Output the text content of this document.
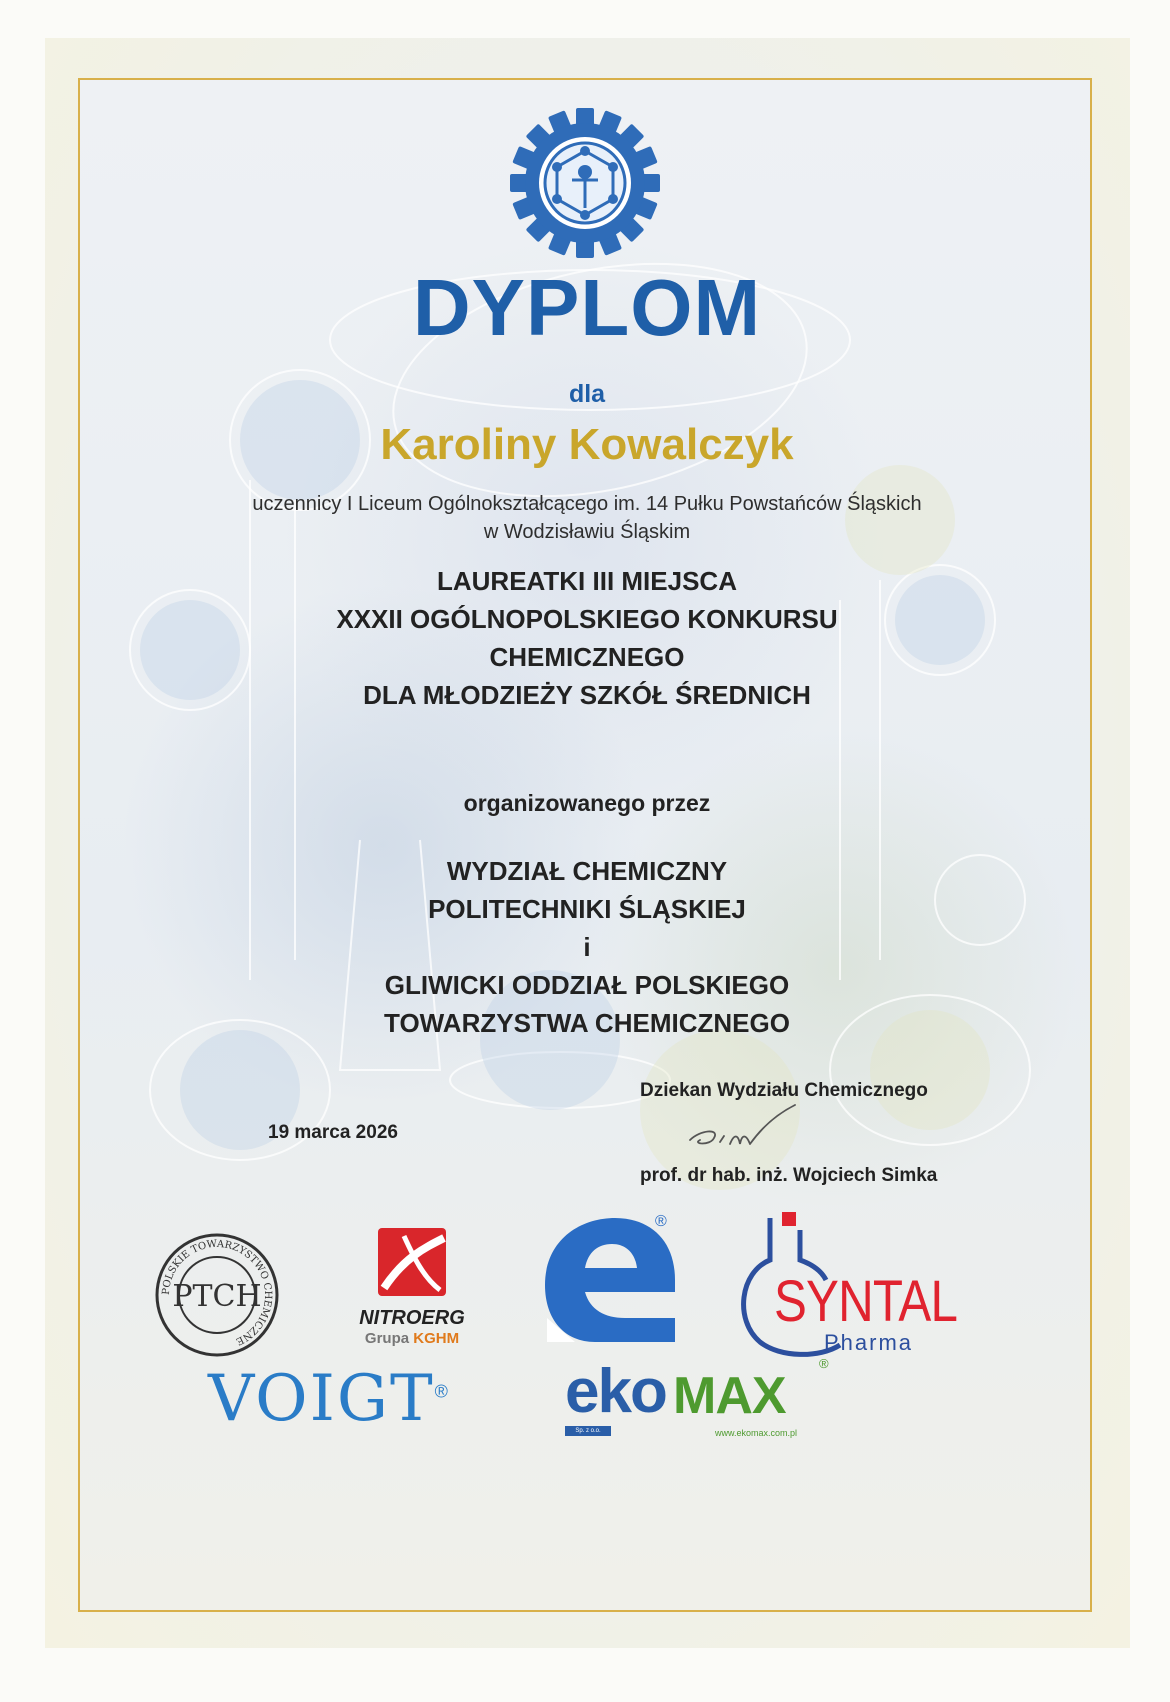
DYPLOM
dla
Karoliny Kowalczyk
uczennicy I Liceum Ogólnokształcącego im. 14 Pułku Powstańców Śląskich
w Wodzisławiu Śląskim
LAUREATKI III MIEJSCA
XXXII OGÓLNOPOLSKIEGO KONKURSU
CHEMICZNEGO
DLA MŁODZIEŻY SZKÓŁ ŚREDNICH
organizowanego przez
WYDZIAŁ CHEMICZNY
POLITECHNIKI ŚLĄSKIEJ
i
GLIWICKI ODDZIAŁ POLSKIEGO
TOWARZYSTWA CHEMICZNEGO
Dziekan Wydziału Chemicznego
19 marca 2026
prof. dr hab. inż. Wojciech Simka
POLSKIE TOWARZYSTWO CHEMICZNE
PTCH
NITROERG
Grupa KGHM
®
SYNTAL
Pharma
VOIGT® eko MAX
®
Sp. z o.o.	www.ekomax.com.pl
